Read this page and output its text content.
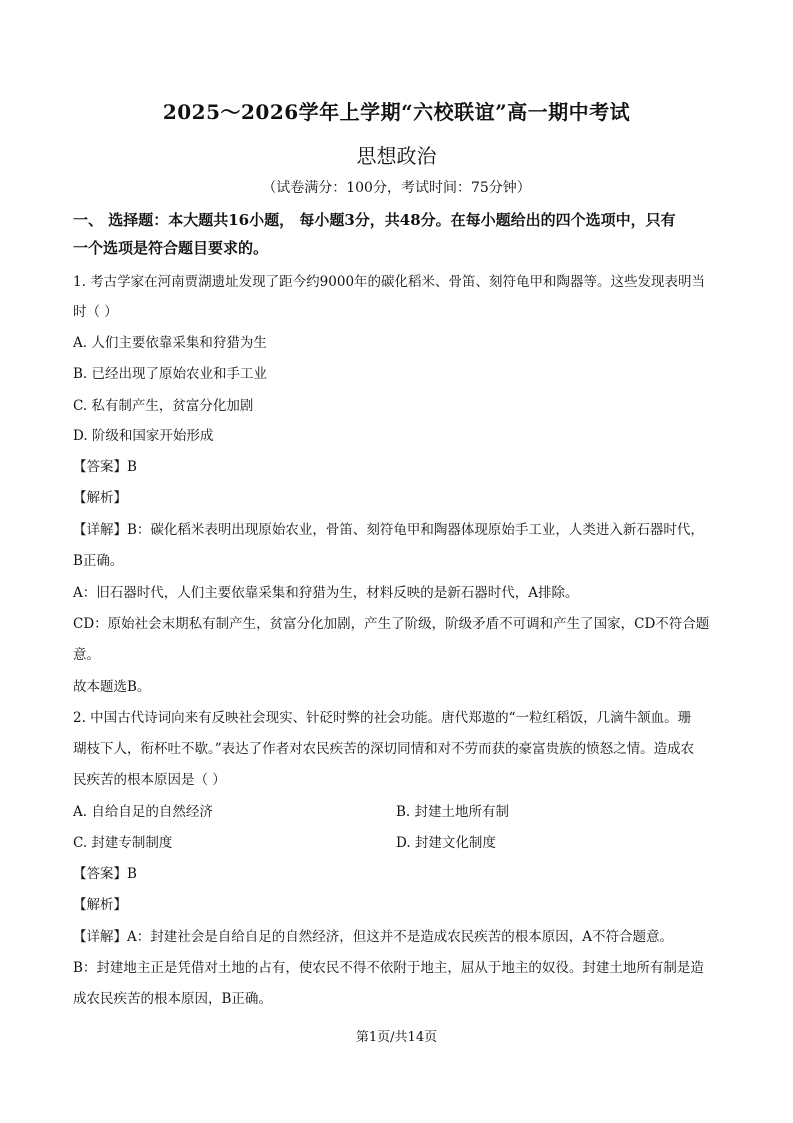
2025～2026学年上学期“六校联谊”高一期中考试
思想政治
（试卷满分：100分，考试时间：75分钟）
一、 选择题：本大题共16小题， 每小题3分，共48分。在每小题给出的四个选项中，只有
一个选项是符合题目要求的。
1. 考古学家在河南贾湖遗址发现了距今约9000年的碳化稻米、骨笛、刻符龟甲和陶器等。这些发现表明当
时（ ）
A. 人们主要依靠采集和狩猎为生
B. 已经出现了原始农业和手工业
C. 私有制产生，贫富分化加剧
D. 阶级和国家开始形成
【答案】B
【解析】
【详解】B：碳化稻米表明出现原始农业，骨笛、刻符龟甲和陶器体现原始手工业，人类进入新石器时代，
B正确。
A：旧石器时代，人们主要依靠采集和狩猎为生，材料反映的是新石器时代，A排除。
CD：原始社会末期私有制产生，贫富分化加剧，产生了阶级，阶级矛盾不可调和产生了国家，CD不符合题
意。
故本题选B。
2. 中国古代诗词向来有反映社会现实、针砭时弊的社会功能。唐代郑遨的“一粒红稻饭，几滴牛颔血。珊
瑚枝下人，衔杯吐不歇。”表达了作者对农民疾苦的深切同情和对不劳而获的豪富贵族的愤怒之情。造成农
民疾苦的根本原因是（ ）
A. 自给自足的自然经济	B. 封建土地所有制
C. 封建专制制度	D. 封建文化制度
【答案】B
【解析】
【详解】A：封建社会是自给自足的自然经济，但这并不是造成农民疾苦的根本原因，A不符合题意。
B：封建地主正是凭借对土地的占有，使农民不得不依附于地主，屈从于地主的奴役。封建土地所有制是造
成农民疾苦的根本原因，B正确。
第1页/共14页
